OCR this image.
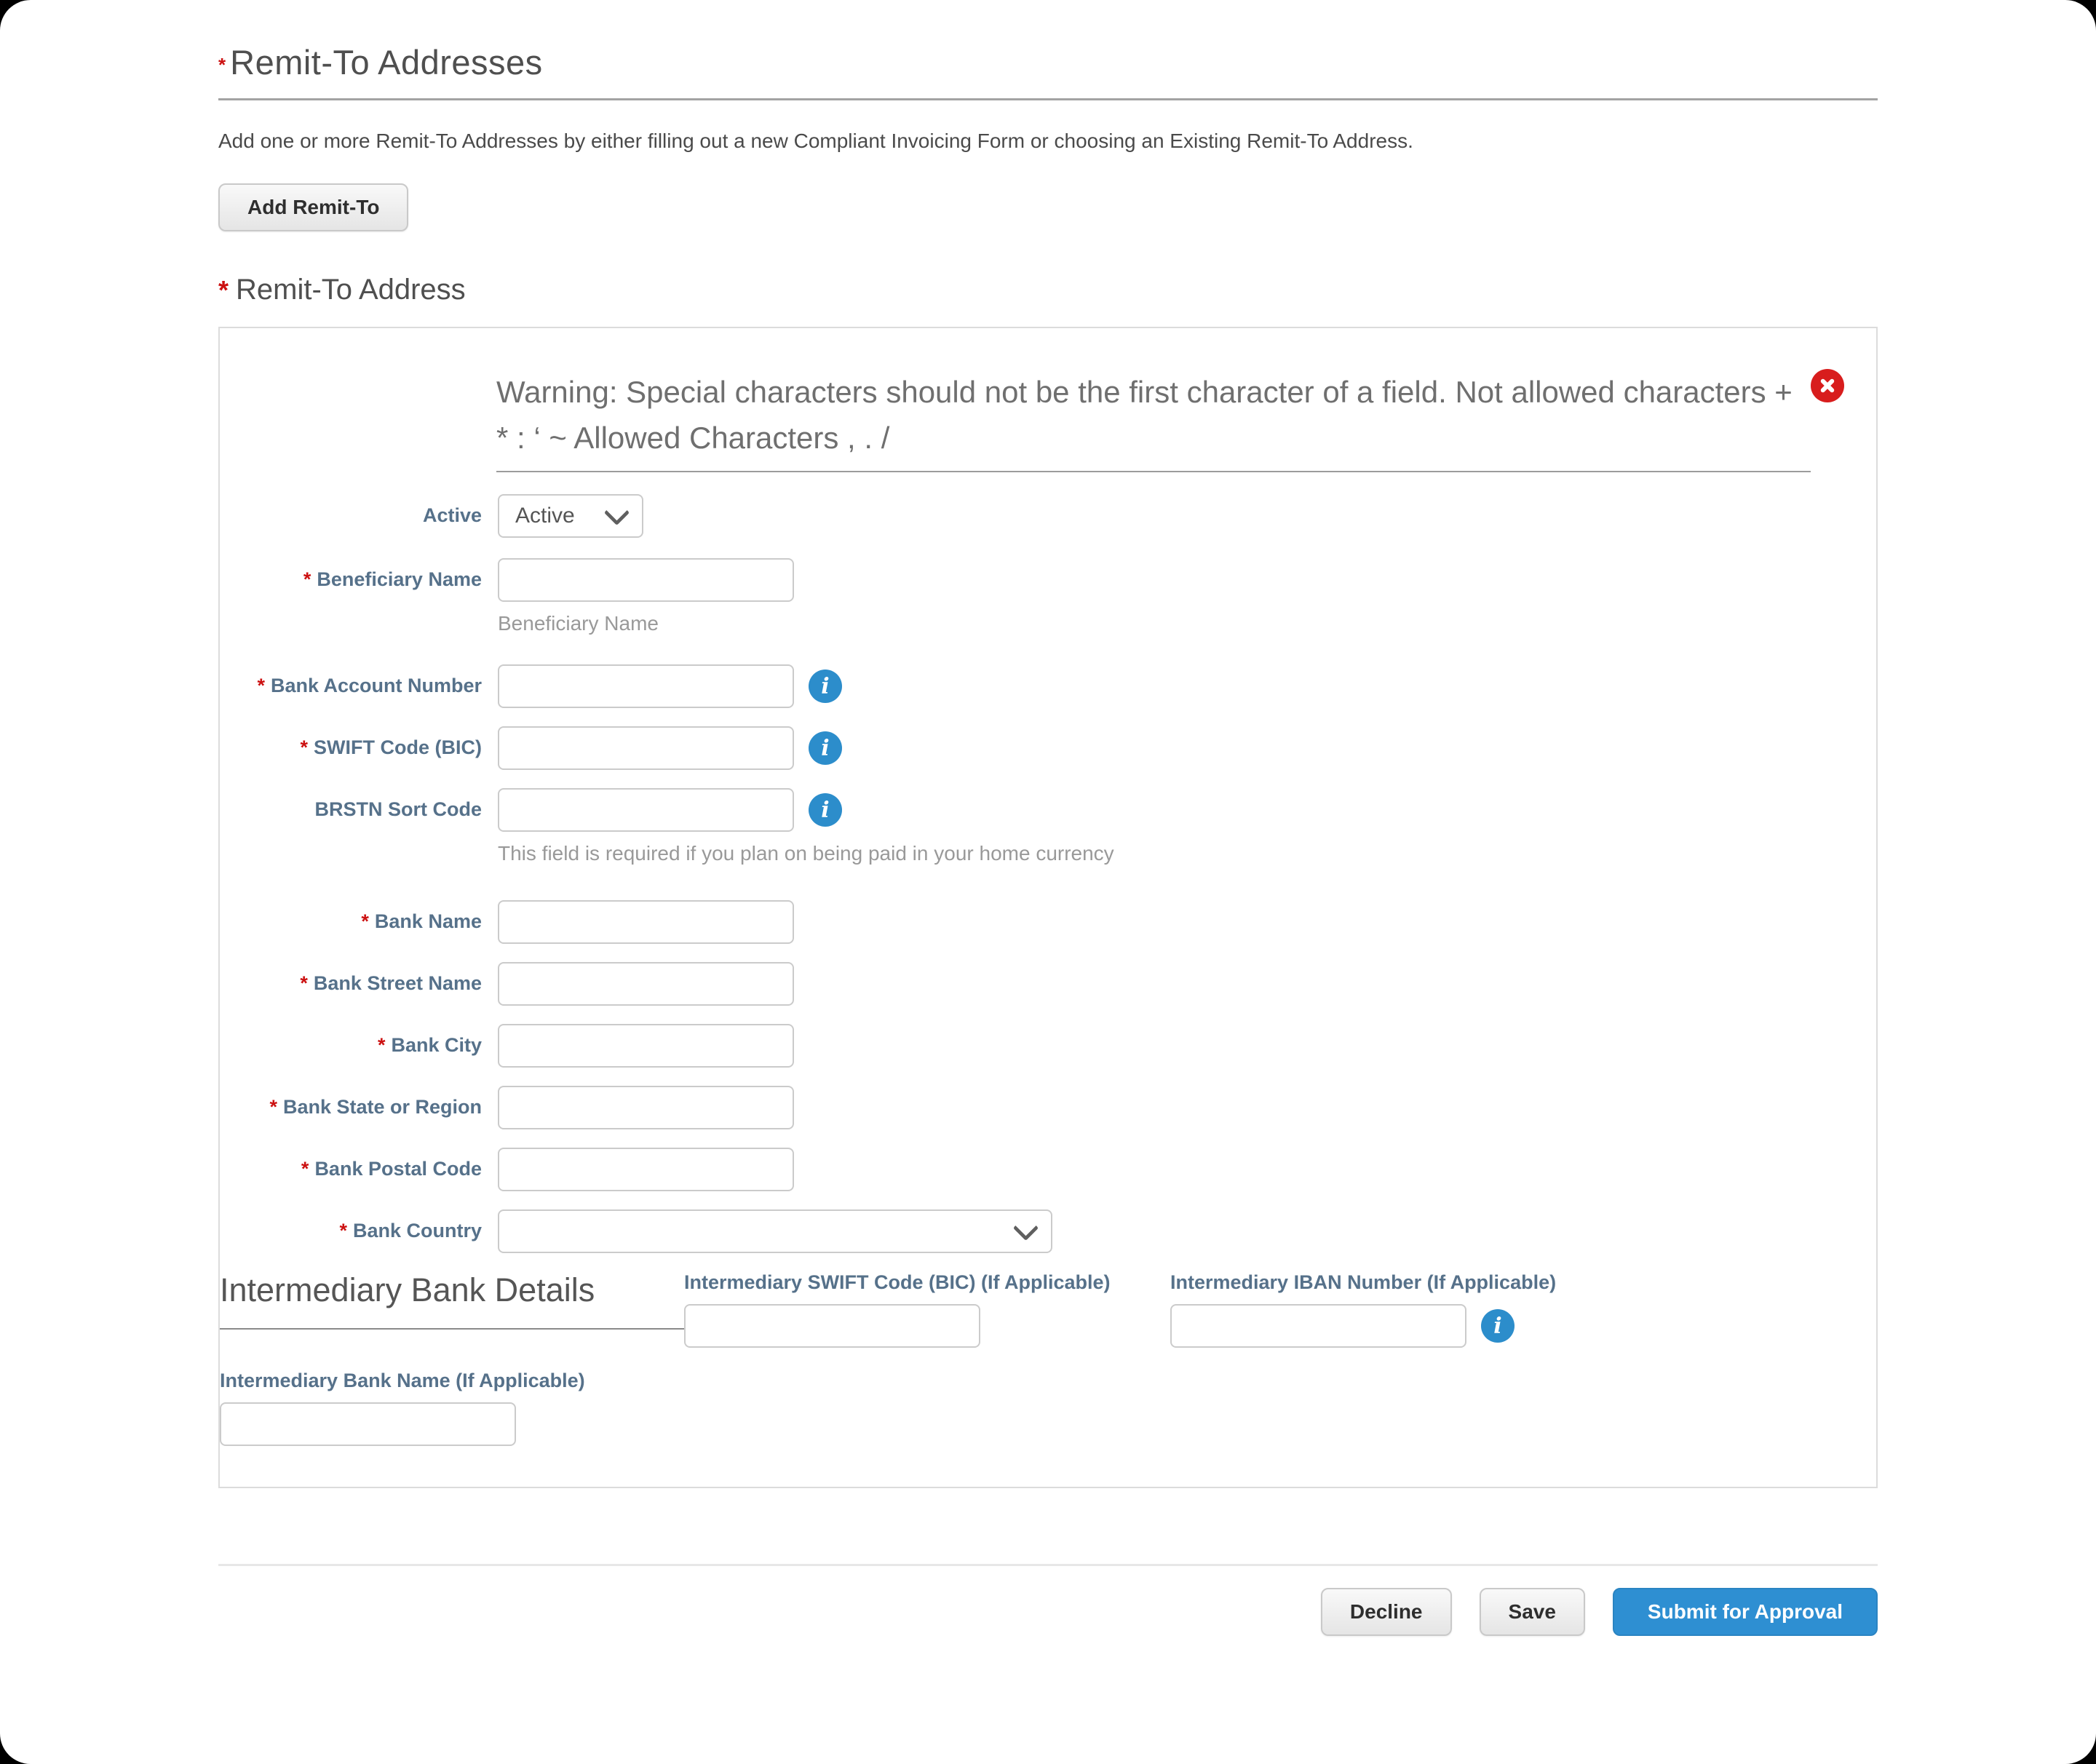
* Remit-To Addresses

Add one or more Remit-To Addresses by either filling out a new Compliant Invoicing Form or choosing an Existing Remit-To Address.

Add Remit-To
* Remit-To Address
Warning: Special characters should not be the first character of a field. Not allowed characters + * : ‘ ~ Allowed Characters , . /
Active Active
* Beneficiary Name
Beneficiary Name
* Bank Account Number	i
* SWIFT Code (BIC)	i
BRSTN Sort Code	i
This field is required if you plan on being paid in your home currency
* Bank Name
* Bank Street Name
* Bank City
* Bank State or Region
* Bank Postal Code
* Bank Country
Intermediary Bank Details	Intermediary SWIFT Code (BIC) (If Applicable)	Intermediary IBAN Number (If Applicable)
i
Intermediary Bank Name (If Applicable)
Decline	Save	Submit for Approval
